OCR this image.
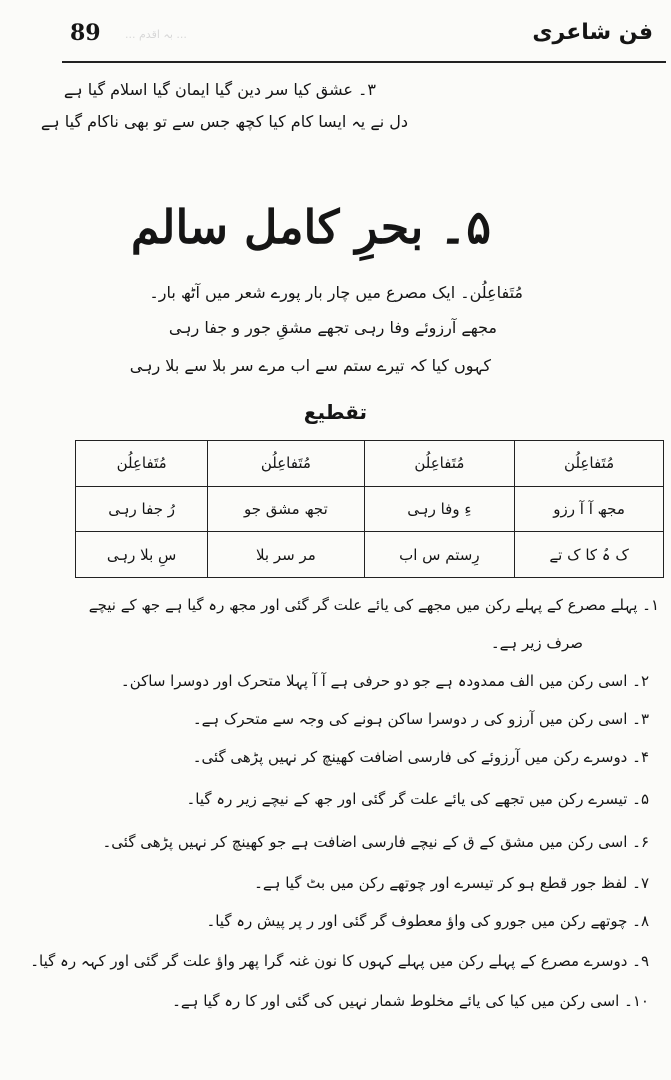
89 ... بہ اقدم ...	فن شاعری
۳۔ عشق کیا سر دین گیا ایمان گیا اسلام گیا ہے
دل نے یہ ایسا کام کیا کچھ جس سے تو بھی ناکام گیا ہے
۵۔ بحرِ کامل سالم
مُتَفاعِلُن۔ ایک مصرع میں چار بار پورے شعر میں آٹھ بار۔
مجھے آرزوئے وفا رہی تجھے مشقِ جور و جفا رہی
کہوں کیا کہ تیرے ستم سے اب مرے سر بلا سے بلا رہی
تقطیع
مُتَفاعِلُن	مُتَفاعِلُن	مُتَفاعِلُن	مُتَفاعِلُن
مجھ آ آ رزو	ءِ وفا رہی	تجھ مشق جو	رُ جفا رہی
ک ہُ کا ک تے	رِستم س اب	مر سر بلا	سِ بلا رہی
۱۔ پہلے مصرع کے پہلے رکن میں مجھے کی یائے علت گر گئی اور مجھ رہ گیا ہے جھ کے نیچے
صرف زیر ہے۔
۲۔ اسی رکن میں الف ممدودہ ہے جو دو حرفی ہے آ آ پہلا متحرک اور دوسرا ساکن۔
۳۔ اسی رکن میں آرزو کی ر دوسرا ساکن ہونے کی وجہ سے متحرک ہے۔
۴۔ دوسرے رکن میں آرزوئے کی فارسی اضافت کھینچ کر نہیں پڑھی گئی۔
۵۔ تیسرے رکن میں تجھے کی یائے علت گر گئی اور جھ کے نیچے زیر رہ گیا۔
۶۔ اسی رکن میں مشق کے ق کے نیچے فارسی اضافت ہے جو کھینچ کر نہیں پڑھی گئی۔
۷۔ لفظ جور قطع ہو کر تیسرے اور چوتھے رکن میں بٹ گیا ہے۔
۸۔ چوتھے رکن میں جورو کی واؤ معطوف گر گئی اور ر پر پیش رہ گیا۔
۹۔ دوسرے مصرع کے پہلے رکن میں پہلے کہوں کا نون غنہ گرا پھر واؤ علت گر گئی اور کہہ رہ گیا۔
۱۰۔ اسی رکن میں کیا کی یائے مخلوط شمار نہیں کی گئی اور کا رہ گیا ہے۔
